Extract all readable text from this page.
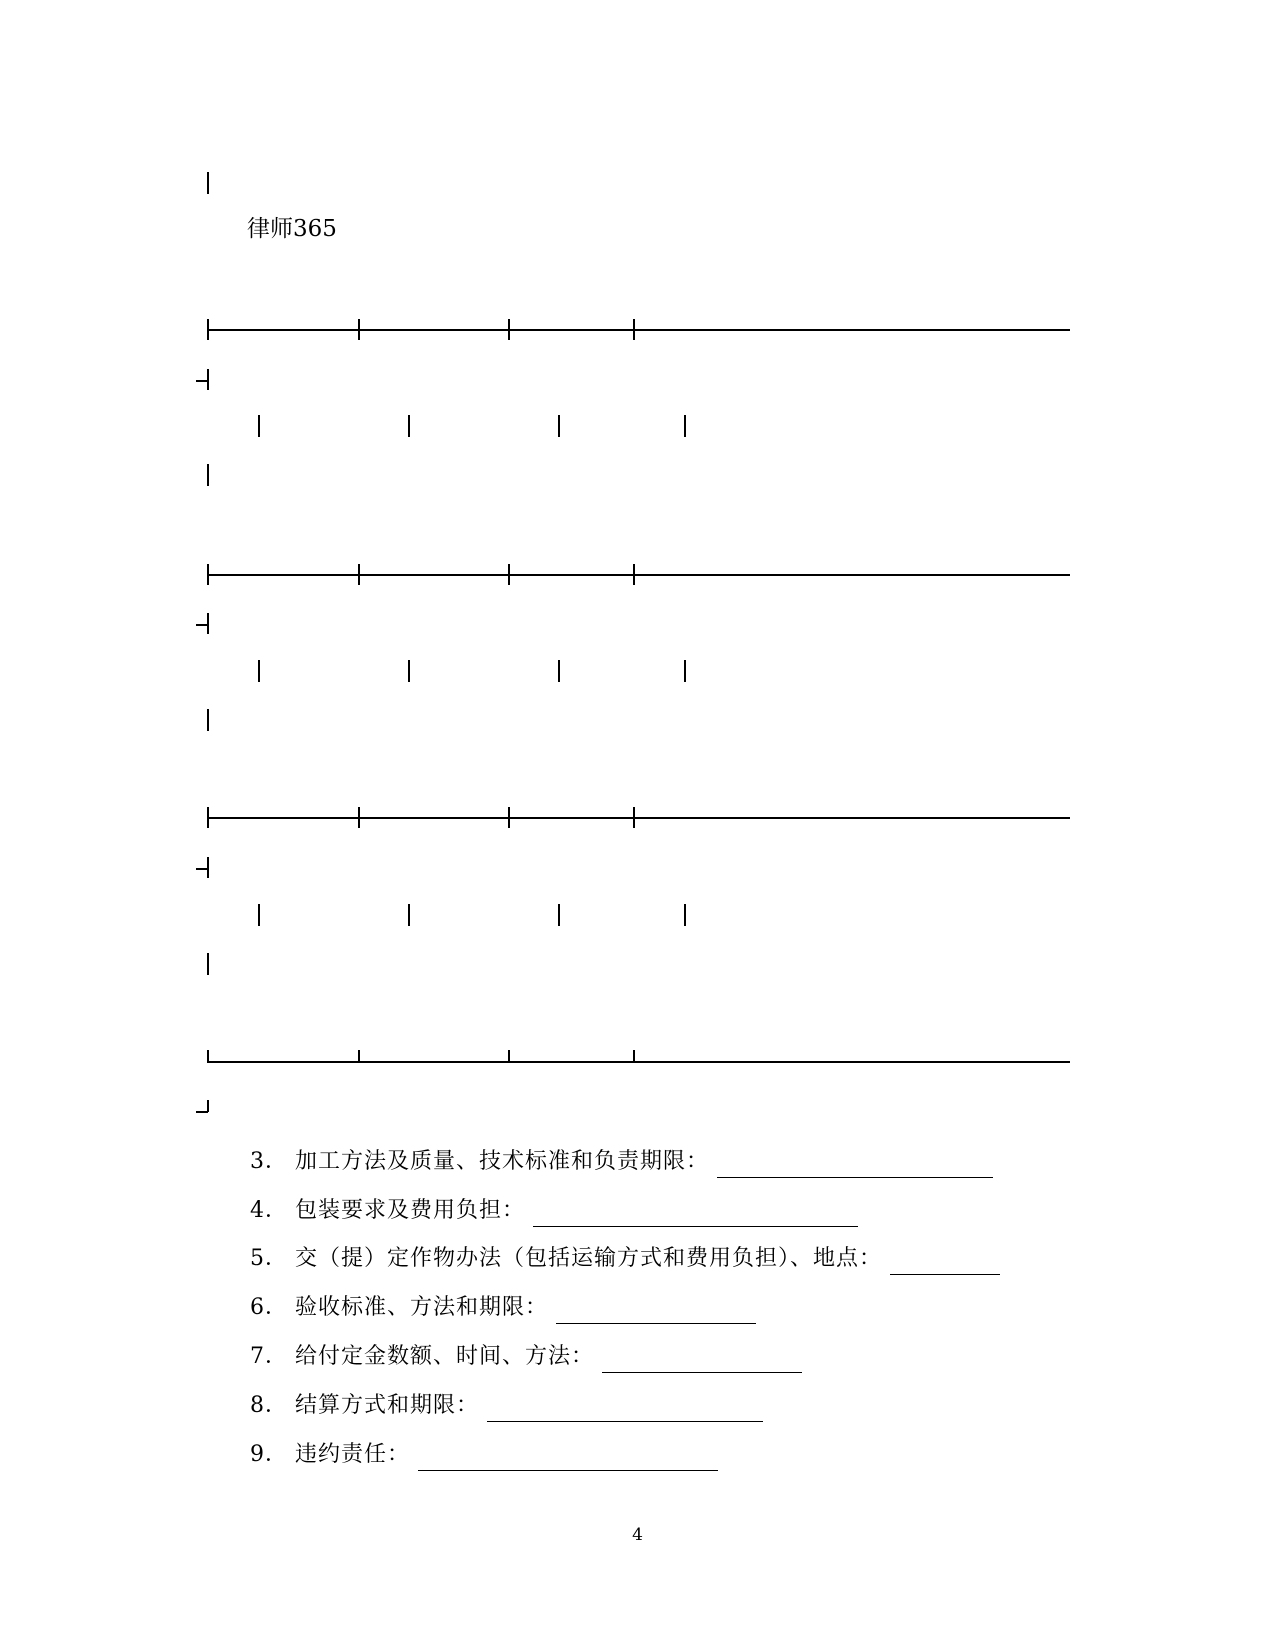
律师365
3． 加工方法及质量、技术标准和负责期限：
4． 包装要求及费用负担：
5． 交（提）定作物办法（包括运输方式和费用负担）、地点：
6． 验收标准、方法和期限：
7． 给付定金数额、时间、方法：
8． 结算方式和期限：
9． 违约责任：
4
